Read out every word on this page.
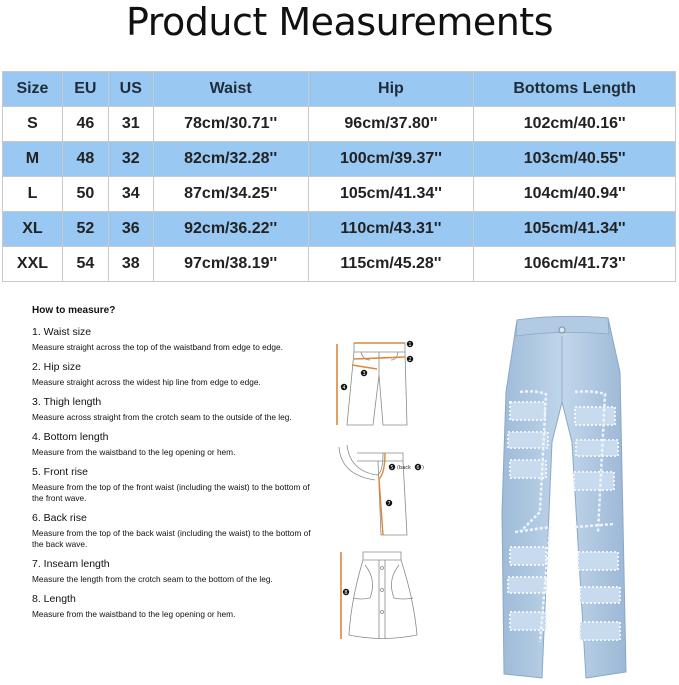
Product Measurements
Size	EU	US	Waist	Hip	Bottoms Length
S	46	31	78cm/30.71''	96cm/37.80''	102cm/40.16''
M	48	32	82cm/32.28''	100cm/39.37''	103cm/40.55''
L	50	34	87cm/34.25''	105cm/41.34''	104cm/40.94''
XL	52	36	92cm/36.22''	110cm/43.31''	105cm/41.34''
XXL	54	38	97cm/38.19''	115cm/45.28''	106cm/41.73''
How to measure?
1. Waist size
Measure straight across the top of the waistband from edge to edge.
2. Hip size
Measure straight across the widest hip line from edge to edge.
3. Thigh length
Measure across straight from the crotch seam to the outside of the leg.
4. Bottom length
Measure from the waistband to the leg opening or hem.
5. Front rise
Measure from the top of the front waist (including the waist) to the bottom of the front wave.
6. Back rise
Measure from the top of the back waist (including the waist) to the bottom of the back wave.
7. Inseam length
Measure the length from the crotch seam to the bottom of the leg.
8. Length
Measure from the waistband to the leg opening or hem.
1
2
3
4
5	6
7
(back )
8
